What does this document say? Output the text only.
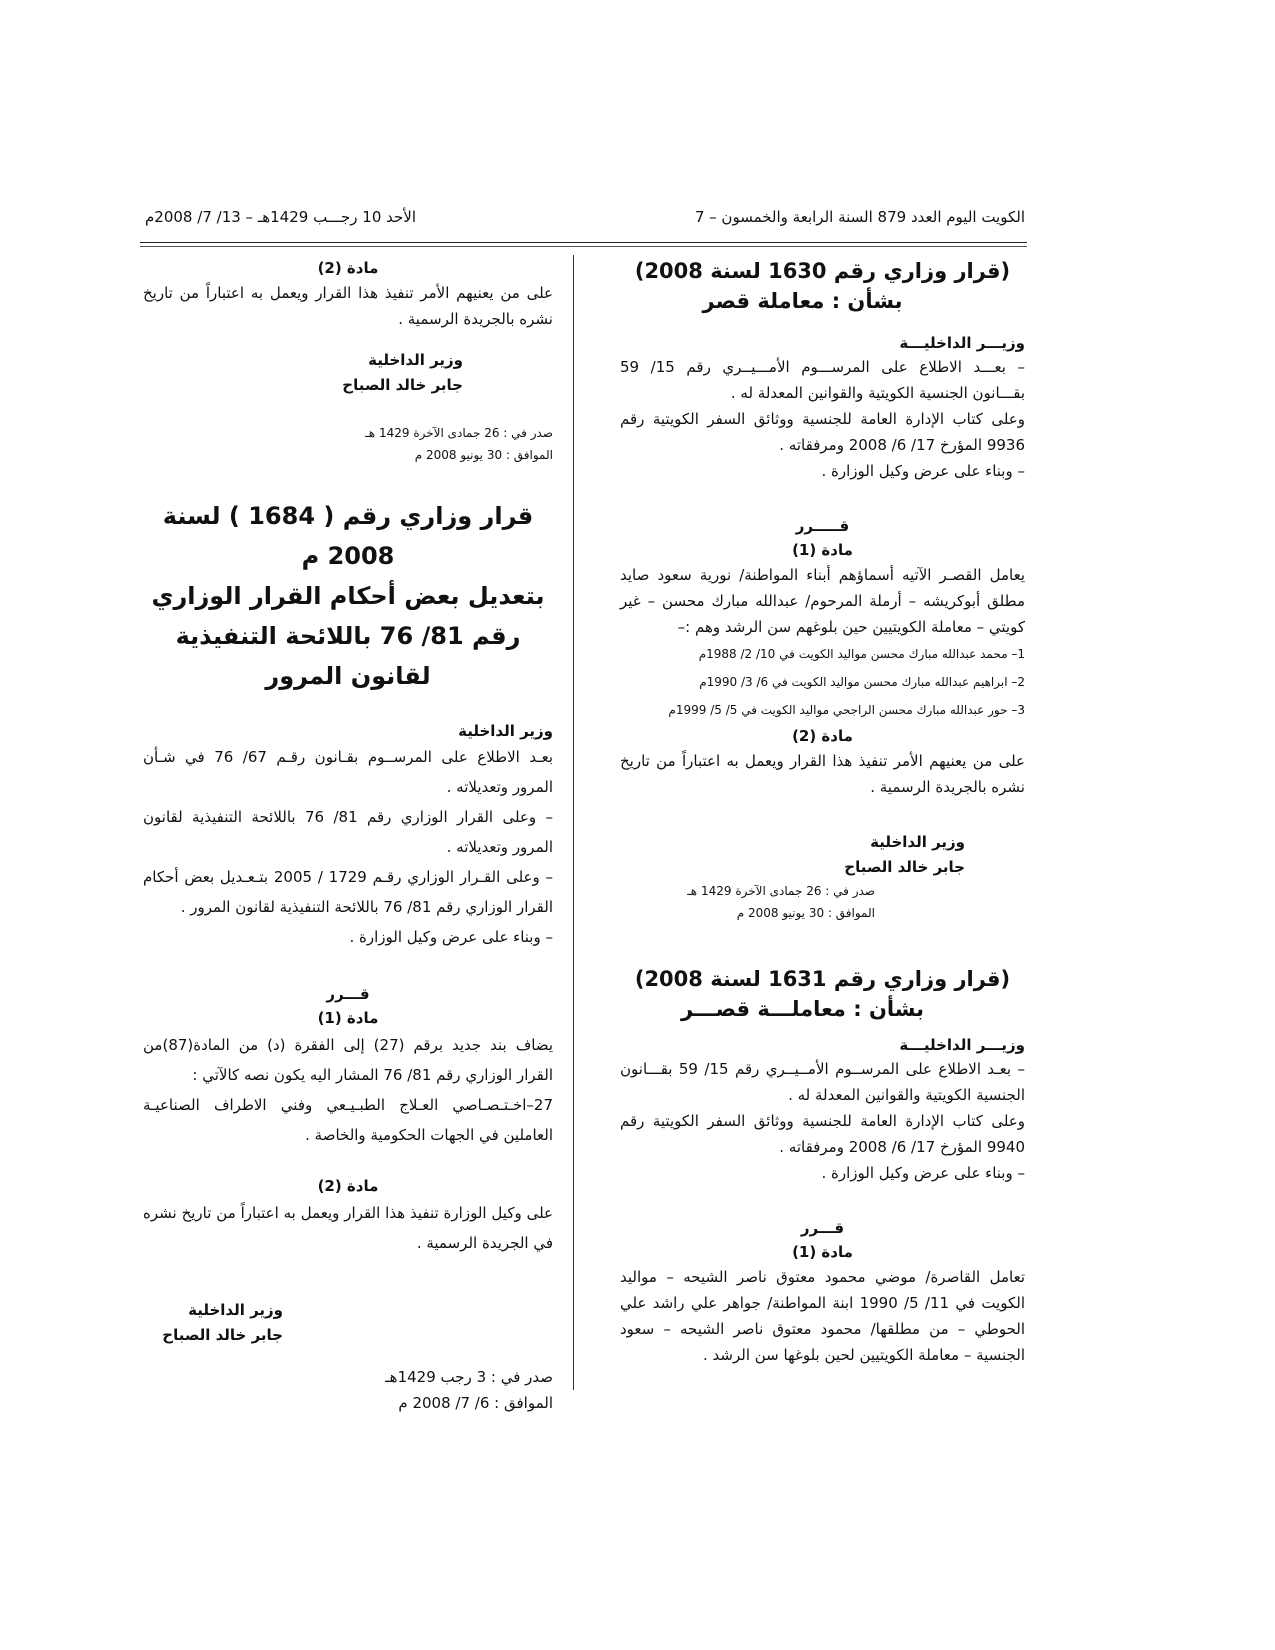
الكويت اليوم العدد 879 السنة الرابعة والخمسون – 7
الأحد 10 رجـــب 1429هـ – 13/ 7/ 2008م

(قرار وزاري رقم 1630 لسنة 2008)

بشأن : معاملة قصر

وزيـــر الداخليـــة

– بعـــد الاطلاع على المرســـوم الأمـــيــري رقم 15/ 59 بقـــانون الجنسية الكويتية والقوانين المعدلة له .

وعلى كتاب الإدارة العامة للجنسية ووثائق السفر الكويتية رقم 9936 المؤرخ 17/ 6/ 2008 ومرفقاته .

– وبناء على عرض وكيل الوزارة .

قـــــرر

مادة (1)

يعامل القصـر الآتيه أسماؤهم أبناء المواطنة/ نورية سعود صايد مطلق أبوكريشه – أرملة المرحوم/ عبدالله مبارك محسن – غير كويتي – معاملة الكويتيين حين بلوغهم سن الرشد وهم :–

1– محمد عبدالله مبارك محسن مواليد الكويت في 10/ 2/ 1988م

2– ابراهيم عبدالله مبارك محسن مواليد الكويت في 6/ 3/ 1990م

3– حور عبدالله مبارك محسن الراجحي مواليد الكويت في 5/ 5/ 1999م

مادة (2)

على من يعنيهم الأمر تنفيذ هذا القرار ويعمل به اعتباراً من تاريخ نشره بالجريدة الرسمية .

وزير الداخلية

جابر خالد الصباح

صدر في : 26 جمادى الآخرة 1429 هـ

الموافق : 30 يونيو 2008 م

(قرار وزاري رقم 1631 لسنة 2008)

بشأن : معاملـــة قصـــر

وزيـــر الداخليـــة

– بعـد الاطلاع على المرســوم الأمــيــري رقم 15/ 59 بقـــانون الجنسية الكويتية والقوانين المعدلة له .

وعلى كتاب الإدارة العامة للجنسية ووثائق السفر الكويتية رقم 9940 المؤرخ 17/ 6/ 2008 ومرفقاته .

– وبناء على عرض وكيل الوزارة .

قـــرر

مادة (1)

تعامل القاصرة/ موضي محمود معتوق ناصر الشيحه – مواليد الكويت في 11/ 5/ 1990 ابنة المواطنة/ جواهر علي راشد علي الحوطي – من مطلقها/ محمود معتوق ناصر الشيحه – سعود الجنسية – معاملة الكويتيين لحين بلوغها سن الرشد .

مادة (2)

على من يعنيهم الأمر تنفيذ هذا القرار ويعمل به اعتباراً من تاريخ نشره بالجريدة الرسمية .

وزير الداخلية

جابر خالد الصباح

صدر في : 26 جمادى الآخرة 1429 هـ

الموافق : 30 يونيو 2008 م

قرار وزاري رقم ( 1684 ) لسنة 2008 م

بتعديل بعض أحكام القرار الوزاري

رقم 81/ 76 باللائحة التنفيذية لقانون المرور

وزير الداخلية

بعـد الاطلاع على المرســوم بقـانون رقـم 67/ 76 في شـأن المرور وتعديلاته .

– وعلى القرار الوزاري رقم 81/ 76 باللائحة التنفيذية لقانون المرور وتعديلاته .

– وعلى القـرار الوزاري رقـم 1729 / 2005 بتـعـديل بعض أحكام القرار الوزاري رقم 81/ 76 باللائحة التنفيذية لقانون المرور .

– وبناء على عرض وكيل الوزارة .

قـــرر

مادة (1)

يضاف بند جديد برقم (27) إلى الفقرة (د) من المادة(87)من القرار الوزاري رقم 81/ 76 المشار اليه يكون نصه كالآتي :

27–اخـتـصـاصي العـلاج الطبـيـعي وفني الاطراف الصناعيـة العاملين في الجهات الحكومية والخاصة .

مادة (2)

على وكيل الوزارة تنفيذ هذا القرار ويعمل به اعتباراً من تاريخ نشره في الجريدة الرسمية .

وزير الداخلية

جابر خالد الصباح

صدر في : 3 رجب 1429هـ

الموافق : 6/ 7/ 2008 م
